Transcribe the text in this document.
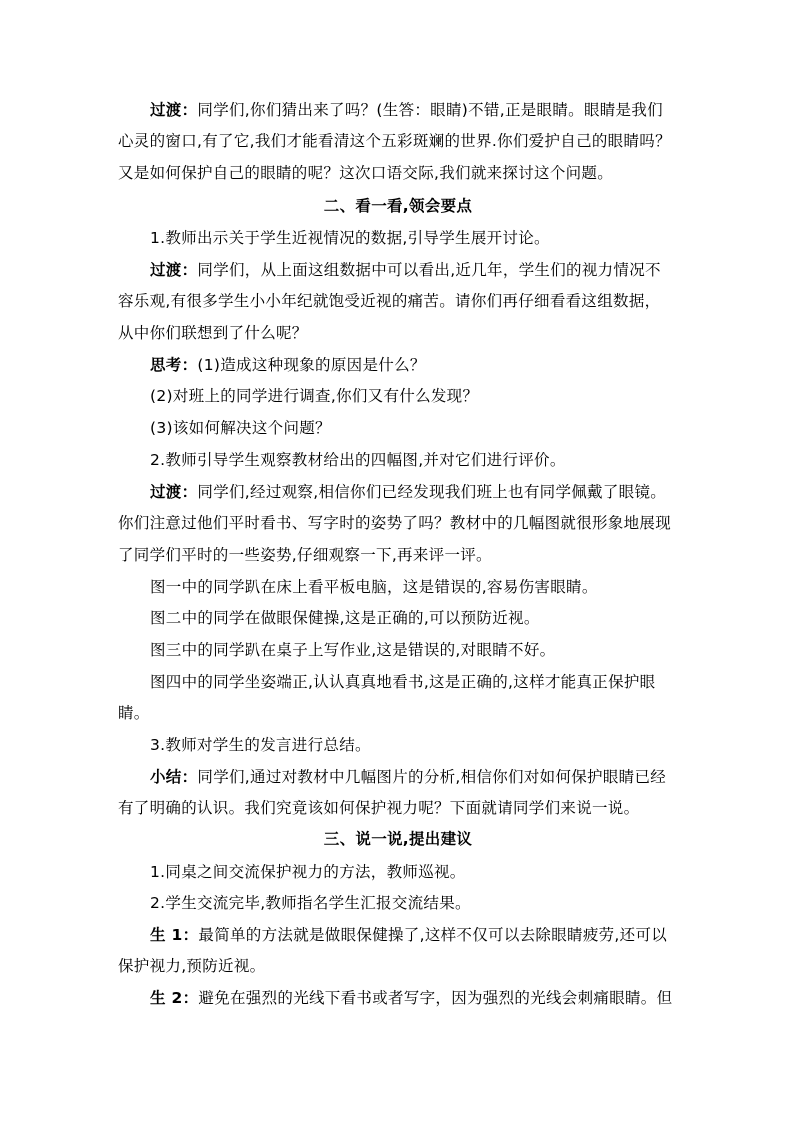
过渡：同学们,你们猜出来了吗？(生答：眼睛)不错,正是眼睛。眼睛是我们
心灵的窗口,有了它,我们才能看清这个五彩斑斓的世界.你们爱护自己的眼睛吗？
又是如何保护自己的眼睛的呢？这次口语交际,我们就来探讨这个问题。
二、看一看,领会要点
1.教师出示关于学生近视情况的数据,引导学生展开讨论。
过渡：同学们，从上面这组数据中可以看出,近几年，学生们的视力情况不
容乐观,有很多学生小小年纪就饱受近视的痛苦。请你们再仔细看看这组数据，
从中你们联想到了什么呢？
思考：(1)造成这种现象的原因是什么？
(2)对班上的同学进行调查,你们又有什么发现？
(3)该如何解决这个问题？
2.教师引导学生观察教材给出的四幅图,并对它们进行评价。
过渡：同学们,经过观察,相信你们已经发现我们班上也有同学佩戴了眼镜。
你们注意过他们平时看书、写字时的姿势了吗？教材中的几幅图就很形象地展现
了同学们平时的一些姿势,仔细观察一下,再来评一评。
图一中的同学趴在床上看平板电脑，这是错误的,容易伤害眼睛。
图二中的同学在做眼保健操,这是正确的,可以预防近视。
图三中的同学趴在桌子上写作业,这是错误的,对眼睛不好。
图四中的同学坐姿端正,认认真真地看书,这是正确的,这样才能真正保护眼
睛。
3.教师对学生的发言进行总结。
小结：同学们,通过对教材中几幅图片的分析,相信你们对如何保护眼睛已经
有了明确的认识。我们究竟该如何保护视力呢？下面就请同学们来说一说。
三、说一说,提出建议
1.同桌之间交流保护视力的方法，教师巡视。
2.学生交流完毕,教师指名学生汇报交流结果。
生 1：最简单的方法就是做眼保健操了,这样不仅可以去除眼睛疲劳,还可以
保护视力,预防近视。
生 2：避免在强烈的光线下看书或者写字，因为强烈的光线会刺痛眼睛。但
